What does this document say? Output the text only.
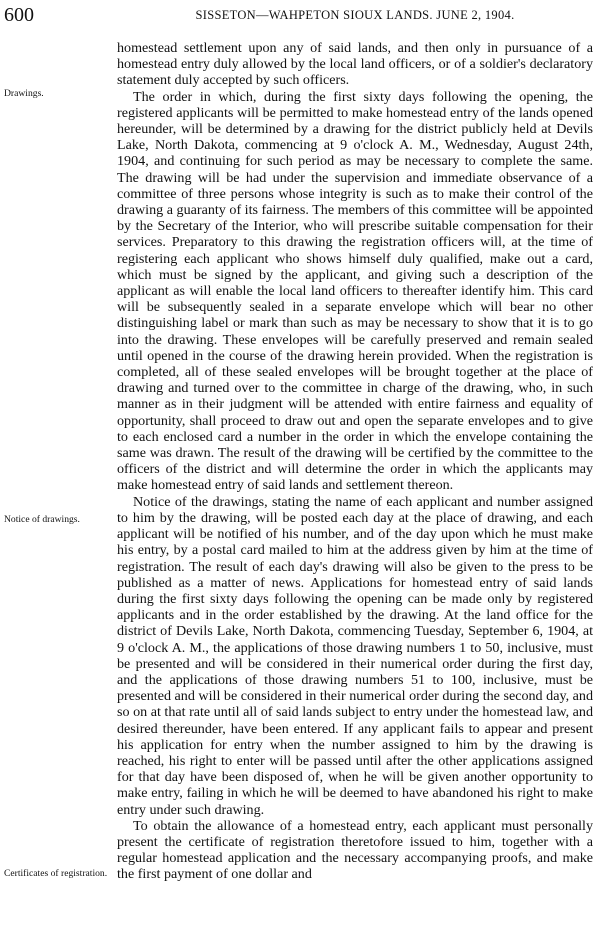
600	SISSETON—WAHPETON SIOUX LANDS. JUNE 2, 1904.
Drawings.
Notice of drawings.
Certificates of registration.

homestead settlement upon any of said lands, and then only in pursuance of a homestead entry duly allowed by the local land officers, or of a soldier's declaratory statement duly accepted by such officers.

The order in which, during the first sixty days following the opening, the registered applicants will be permitted to make homestead entry of the lands opened hereunder, will be determined by a drawing for the district publicly held at Devils Lake, North Dakota, commencing at 9 o'clock A. M., Wednesday, August 24th, 1904, and continuing for such period as may be necessary to complete the same. The drawing will be had under the supervision and immediate observance of a committee of three persons whose integrity is such as to make their control of the drawing a guaranty of its fairness. The members of this committee will be appointed by the Secretary of the Interior, who will prescribe suitable compensation for their services. Preparatory to this drawing the registration officers will, at the time of registering each applicant who shows himself duly qualified, make out a card, which must be signed by the applicant, and giving such a description of the applicant as will enable the local land officers to thereafter identify him. This card will be subsequently sealed in a separate envelope which will bear no other distinguishing label or mark than such as may be necessary to show that it is to go into the drawing. These envelopes will be carefully preserved and remain sealed until opened in the course of the drawing herein provided. When the registration is completed, all of these sealed envelopes will be brought together at the place of drawing and turned over to the committee in charge of the drawing, who, in such manner as in their judgment will be attended with entire fairness and equality of opportunity, shall proceed to draw out and open the separate envelopes and to give to each enclosed card a number in the order in which the envelope containing the same was drawn. The result of the drawing will be certified by the committee to the officers of the district and will determine the order in which the applicants may make homestead entry of said lands and settlement thereon.

Notice of the drawings, stating the name of each applicant and number assigned to him by the drawing, will be posted each day at the place of drawing, and each applicant will be notified of his number, and of the day upon which he must make his entry, by a postal card mailed to him at the address given by him at the time of registration. The result of each day's drawing will also be given to the press to be published as a matter of news. Applications for homestead entry of said lands during the first sixty days following the opening can be made only by registered applicants and in the order established by the drawing. At the land office for the district of Devils Lake, North Dakota, commencing Tuesday, September 6, 1904, at 9 o'clock A. M., the applications of those drawing numbers 1 to 50, inclusive, must be presented and will be considered in their numerical order during the first day, and the applications of those drawing numbers 51 to 100, inclusive, must be presented and will be considered in their numerical order during the second day, and so on at that rate until all of said lands subject to entry under the homestead law, and desired thereunder, have been entered. If any applicant fails to appear and present his application for entry when the number assigned to him by the drawing is reached, his right to enter will be passed until after the other applications assigned for that day have been disposed of, when he will be given another opportunity to make entry, failing in which he will be deemed to have abandoned his right to make entry under such drawing.

To obtain the allowance of a homestead entry, each applicant must personally present the certificate of registration theretofore issued to him, together with a regular homestead application and the necessary accompanying proofs, and make the first payment of one dollar and
